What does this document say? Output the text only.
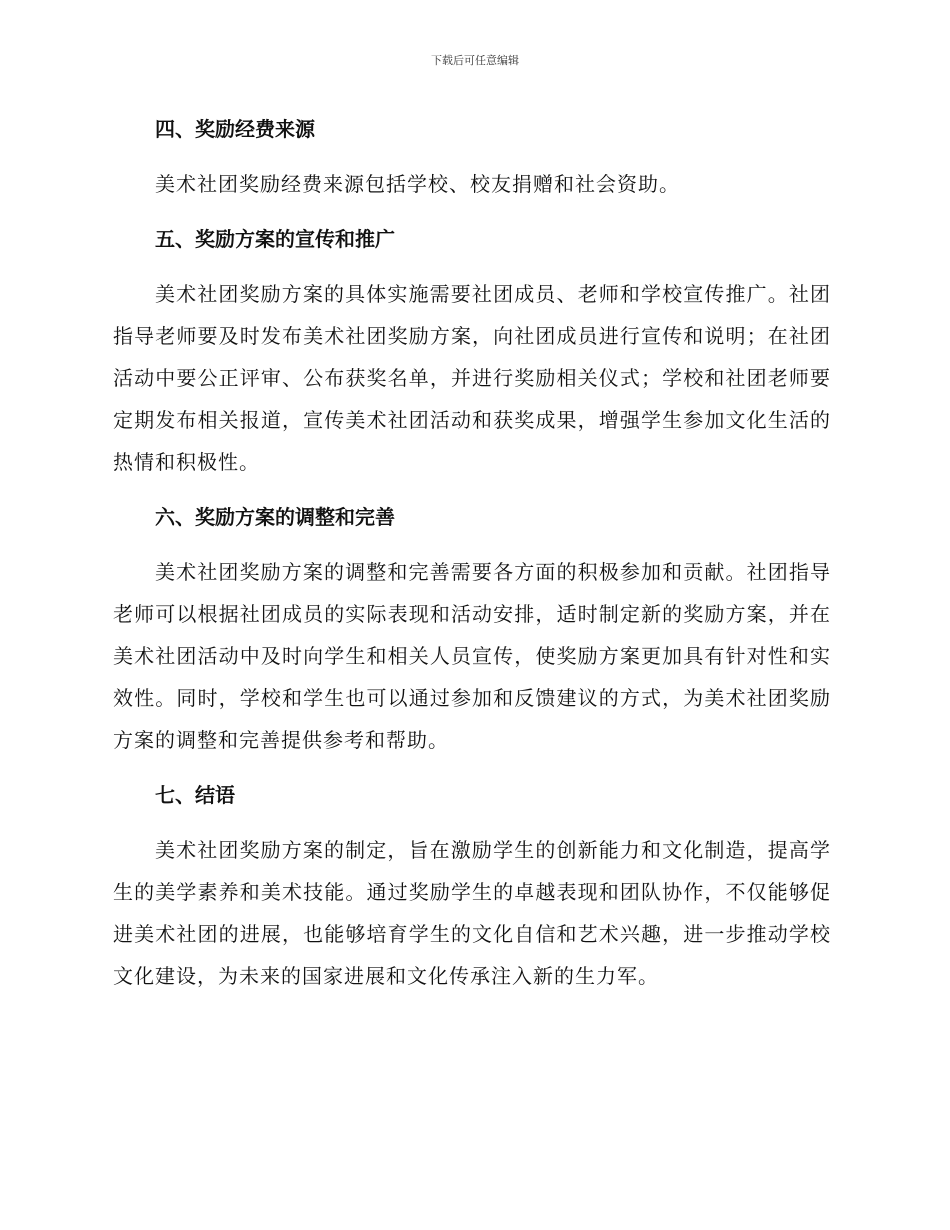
下载后可任意编辑
四、奖励经费来源

美术社团奖励经费来源包括学校、校友捐赠和社会资助。

五、奖励方案的宣传和推广

美术社团奖励方案的具体实施需要社团成员、老师和学校宣传推广。社团指导老师要及时发布美术社团奖励方案，向社团成员进行宣传和说明；在社团活动中要公正评审、公布获奖名单，并进行奖励相关仪式；学校和社团老师要定期发布相关报道，宣传美术社团活动和获奖成果，增强学生参加文化生活的热情和积极性。

六、奖励方案的调整和完善

美术社团奖励方案的调整和完善需要各方面的积极参加和贡献。社团指导老师可以根据社团成员的实际表现和活动安排，适时制定新的奖励方案，并在美术社团活动中及时向学生和相关人员宣传，使奖励方案更加具有针对性和实效性。同时，学校和学生也可以通过参加和反馈建议的方式，为美术社团奖励方案的调整和完善提供参考和帮助。

七、结语

美术社团奖励方案的制定，旨在激励学生的创新能力和文化制造，提高学生的美学素养和美术技能。通过奖励学生的卓越表现和团队协作，不仅能够促进美术社团的进展，也能够培育学生的文化自信和艺术兴趣，进一步推动学校文化建设，为未来的国家进展和文化传承注入新的生力军。
